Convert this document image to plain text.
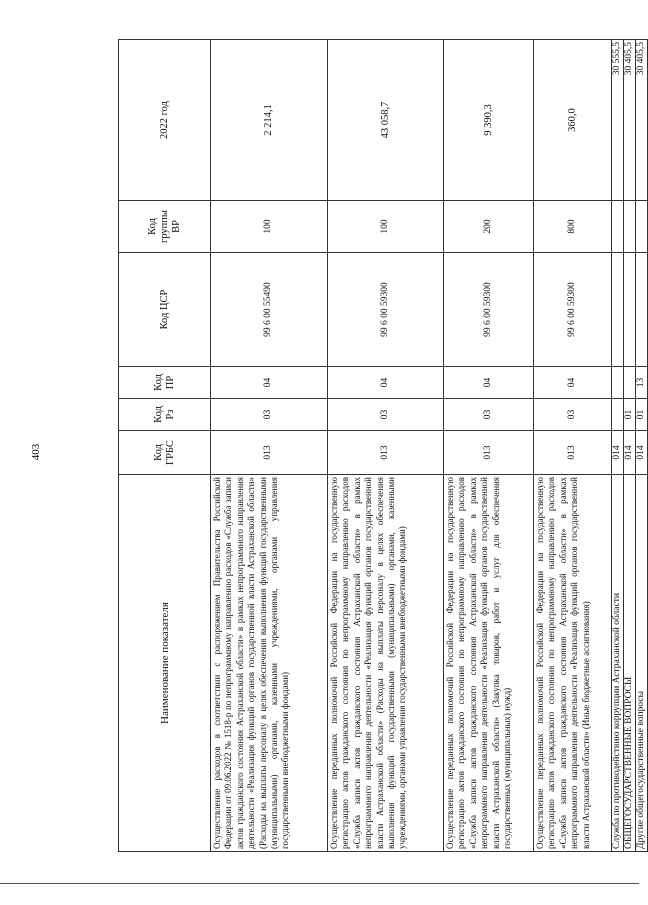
403
Наименование показателя	Код ГРБС	Код Рз	Код ПР	Код ЦСР	Код группы ВР	2022 год
Осуществление расходов в соответствии с распоряжением Правительства Российской Федерации от 09.06.2022 № 1518-р по непрограммному направлению расходов «Служба записи актов гражданского состояния Астраханской области» в рамках непрограммного направления деятельности «Реализация функций органов государственной власти Астраханской области» (Расходы на выплаты персоналу в целях обеспечения выполнения функций государственными (муниципальными) органами, казенными учреждениями, органами управления государственными внебюджетными фондами)	013	03	04	99 6 00 55490	100	2 214,1
Осуществление переданных полномочий Российской Федерации на государственную регистрацию актов гражданского состояния по непрограммному направлению расходов «Служба записи актов гражданского состояния Астраханской области» в рамках непрограммного направления деятельности «Реализация функций органов государственной власти Астраханской области» (Расходы на выплаты персоналу в целях обеспечения выполнения функций государственными (муниципальными) органами, казенными учреждениями, органами управления государственными внебюджетными фондами)	013	03	04	99 6 00 59300	100	43 058,7
Осуществление переданных полномочий Российской Федерации на государственную регистрацию актов гражданского состояния по непрограммному направлению расходов «Служба записи актов гражданского состояния Астраханской области» в рамках непрограммного направления деятельности «Реализация функций органов государственной власти Астраханской области» (Закупка товаров, работ и услуг для обеспечения государственных (муниципальных) нужд)	013	03	04	99 6 00 59300	200	9 390,3
Осуществление переданных полномочий Российской Федерации на государственную регистрацию актов гражданского состояния по непрограммному направлению расходов «Служба записи актов гражданского состояния Астраханской области» в рамках непрограммного направления деятельности «Реализация функций органов государственной власти Астраханской области» (Иные бюджетные ассигнования)	013	03	04	99 6 00 59300	800	360,0
Служба по противодействию коррупции Астраханской области	014					30 555,5
ОБЩЕГОСУДАРСТВЕННЫЕ ВОПРОСЫ	014	01				30 405,5
Другие общегосударственные вопросы	014	01	13			30 405,5
